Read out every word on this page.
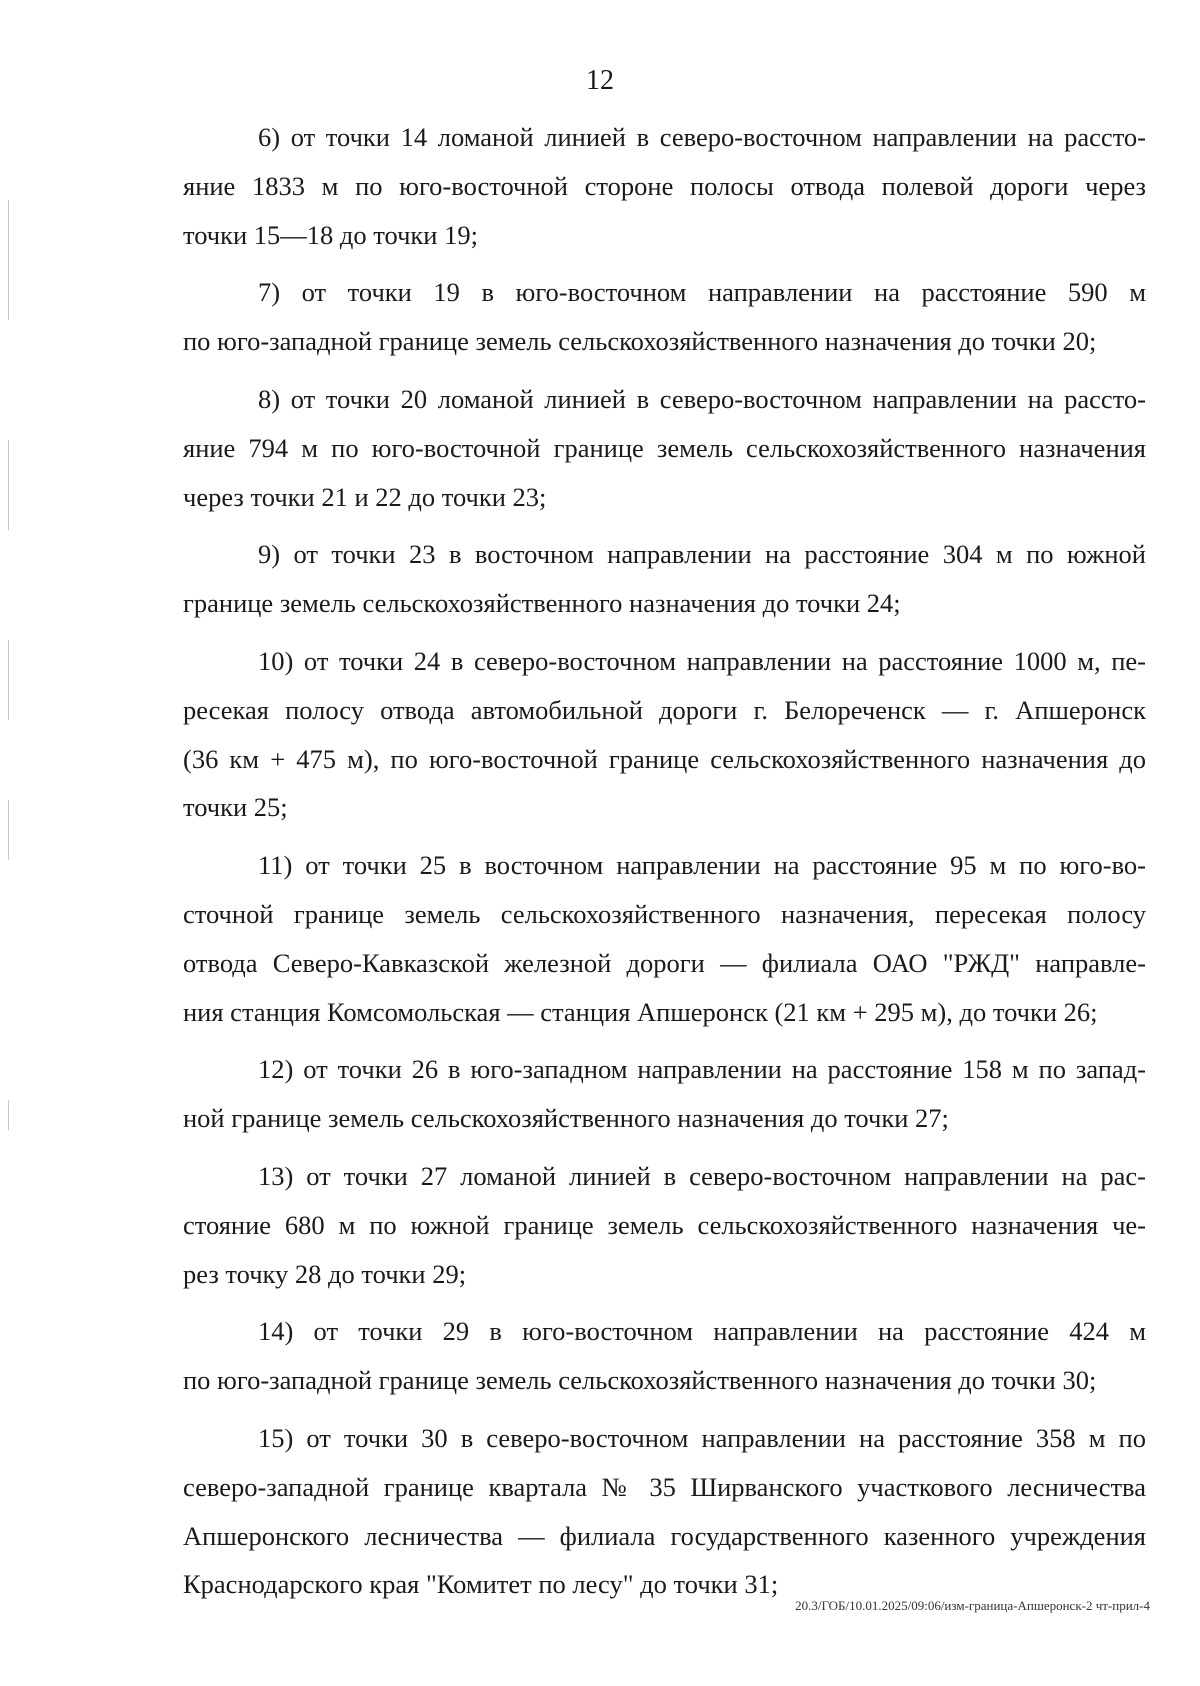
12
6) от точки 14 ломаной линией в северо-восточном направлении на рассто-
яние 1833 м по юго-восточной стороне полосы отвода полевой дороги через
точки 15—18 до точки 19;
7) от точки 19 в юго-восточном направлении на расстояние 590 м
по юго-западной границе земель сельскохозяйственного назначения до точки 20;
8) от точки 20 ломаной линией в северо-восточном направлении на рассто-
яние 794 м по юго-восточной границе земель сельскохозяйственного назначения
через точки 21 и 22 до точки 23;
9) от точки 23 в восточном направлении на расстояние 304 м по южной
границе земель сельскохозяйственного назначения до точки 24;
10) от точки 24 в северо-восточном направлении на расстояние 1000 м, пе-
ресекая полосу отвода автомобильной дороги г. Белореченск — г. Апшеронск
(36 км + 475 м), по юго-восточной границе сельскохозяйственного назначения до
точки 25;
11) от точки 25 в восточном направлении на расстояние 95 м по юго-во-
сточной границе земель сельскохозяйственного назначения, пересекая полосу
отвода Северо-Кавказской железной дороги — филиала ОАО "РЖД" направле-
ния станция Комсомольская — станция Апшеронск (21 км + 295 м), до точки 26;
12) от точки 26 в юго-западном направлении на расстояние 158 м по запад-
ной границе земель сельскохозяйственного назначения до точки 27;
13) от точки 27 ломаной линией в северо-восточном направлении на рас-
стояние 680 м по южной границе земель сельскохозяйственного назначения че-
рез точку 28 до точки 29;
14) от точки 29 в юго-восточном направлении на расстояние 424 м
по юго-западной границе земель сельскохозяйственного назначения до точки 30;
15) от точки 30 в северо-восточном направлении на расстояние 358 м по
северо-западной границе квартала № 35 Ширванского участкового лесничества
Апшеронского лесничества — филиала государственного казенного учреждения
Краснодарского края "Комитет по лесу" до точки 31;
20.3/ГОБ/10.01.2025/09:06/изм-граница-Апшеронск-2 чт-прил-4
